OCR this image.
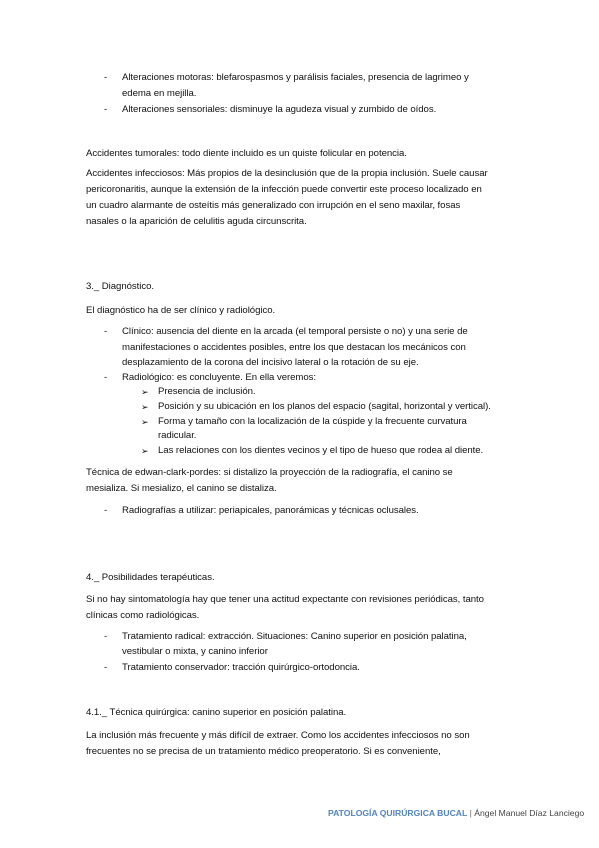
- Alteraciones motoras: blefarospasmos y parálisis faciales, presencia de lagrimeo y
edema en mejilla.
- Alteraciones sensoriales: disminuye la agudeza visual y zumbido de oídos.
Accidentes tumorales: todo diente incluido es un quiste folicular en potencia.
Accidentes infecciosos: Más propios de la desinclusión que de la propia inclusión. Suele causar
pericoronaritis, aunque la extensión de la infección puede convertir este proceso localizado en
un cuadro alarmante de osteítis más generalizado con irrupción en el seno maxilar, fosas
nasales o la aparición de celulitis aguda circunscrita.
3._ Diagnóstico.
El diagnóstico ha de ser clínico y radiológico.
- Clínico: ausencia del diente en la arcada (el temporal persiste o no) y una serie de
manifestaciones o accidentes posibles, entre los que destacan los mecánicos con
desplazamiento de la corona del incisivo lateral o la rotación de su eje.
- Radiológico: es concluyente. En ella veremos:
➢ Presencia de inclusión.
➢ Posición y su ubicación en los planos del espacio (sagital, horizontal y vertical).
➢ Forma y tamaño con la localización de la cúspide y la frecuente curvatura
radicular.
➢ Las relaciones con los dientes vecinos y el tipo de hueso que rodea al diente.
Técnica de edwan-clark-pordes: si distalizo la proyección de la radiografía, el canino se
mesializa. Si mesializo, el canino se distaliza.
- Radiografías a utilizar: periapicales, panorámicas y técnicas oclusales.
4._ Posibilidades terapéuticas.
Si no hay sintomatología hay que tener una actitud expectante con revisiones periódicas, tanto
clínicas como radiológicas.
- Tratamiento radical: extracción. Situaciones: Canino superior en posición palatina,
vestibular o mixta, y canino inferior
- Tratamiento conservador: tracción quirúrgico-ortodoncia.
4.1._ Técnica quirúrgica: canino superior en posición palatina.
La inclusión más frecuente y más difícil de extraer. Como los accidentes infecciosos no son
frecuentes no se precisa de un tratamiento médico preoperatorio. Si es conveniente,
PATOLOGÍA QUIRÚRGICA BUCAL | Ángel Manuel Díaz Lanciego
